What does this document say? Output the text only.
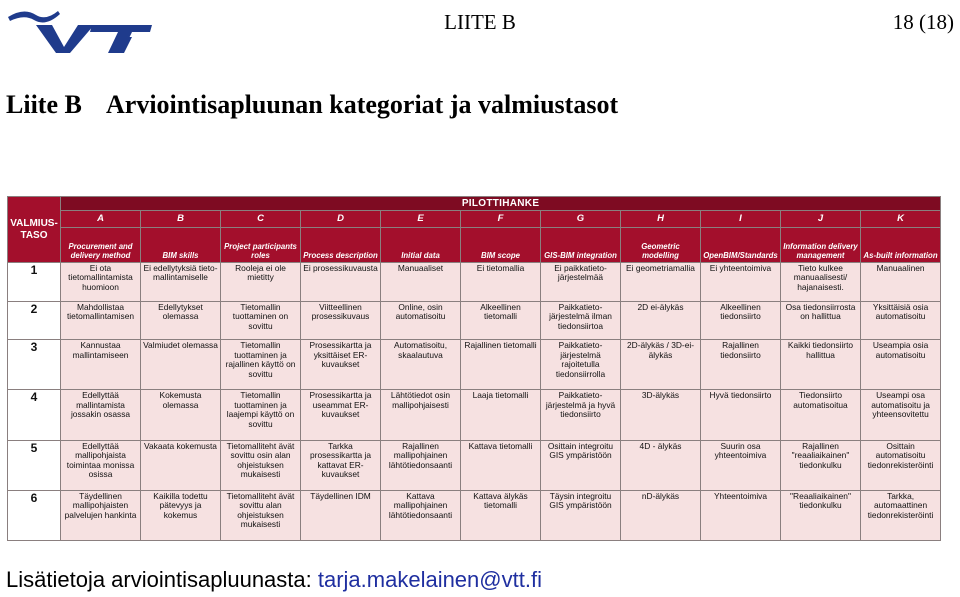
LIITE B	18 (18)
Liite B Arviointisapluunan kategoriat ja valmiustasot
VALMIUS-TASO	PILOTTIHANKE										
	A	B	C	D	E	F	G	H	I	J	K
	Procurement and delivery method	BIM skills	Project participants roles	Process description	Initial data	BIM scope	GIS-BIM integration	Geometric modelling	OpenBIM/Standards	Information delivery management	As-built information
1	Ei ota tietomallintamista huomioon	Ei edellytyksiä tieto-mallintamiselle	Rooleja ei ole mietitty	Ei prosessikuvausta	Manuaaliset	Ei tietomallia	Ei paikkatieto-järjestelmää	Ei geometriamallia	Ei yhteentoimiva	Tieto kulkee manuaalisesti/ hajanaisesti.	Manuaalinen
2	Mahdollistaa tietomallintamisen	Edellytykset olemassa	Tietomallin tuottaminen on sovittu	Viitteellinen prosessikuvaus	Online, osin automatisoitu	Alkeellinen tietomalli	Paikkatieto-järjestelmä ilman tiedonsiirtoa	2D ei-älykäs	Alkeellinen tiedonsiirto	Osa tiedonsiirrosta on hallittua	Yksittäisiä osia automatisoitu
3	Kannustaa mallintamiseen	Valmiudet olemassa	Tietomallin tuottaminen ja rajallinen käyttö on sovittu	Prosessikartta ja yksittäiset ER-kuvaukset	Automatisoitu, skaalautuva	Rajallinen tietomalli	Paikkatieto-järjestelmä rajoitetulla tiedonsiirrolla	2D-älykäs / 3D-ei-älykäs	Rajallinen tiedonsiirto	Kaikki tiedonsiirto hallittua	Useampia osia automatisoitu
4	Edellyttää mallintamista jossakin osassa	Kokemusta olemassa	Tietomallin tuottaminen ja laajempi käyttö on sovittu	Prosessikartta ja useammat ER-kuvaukset	Lähtötiedot osin mallipohjaisesti	Laaja tietomalli	Paikkatieto-järjestelmä ja hyvä tiedonsiirto	3D-älykäs	Hyvä tiedonsiirto	Tiedonsiirto automatisoitua	Useampi osa automatisoitu ja yhteensovitettu
5	Edellyttää mallipohjaista toimintaa monissa osissa	Vakaata kokemusta	Tietomalliteht ävät sovittu osin alan ohjeistuksen mukaisesti	Tarkka prosessikartta ja kattavat ER-kuvaukset	Rajallinen mallipohjainen lähtötiedonsaanti	Kattava tietomalli	Osittain integroitu GIS ympäristöön	4D - älykäs	Suurin osa yhteentoimiva	Rajallinen "reaaliaikainen" tiedonkulku	Osittain automatisoitu tiedonrekisteröinti
6	Täydellinen mallipohjaisten palvelujen hankinta	Kaikilla todettu pätevyys ja kokemus	Tietomalliteht ävät sovittu alan ohjeistuksen mukaisesti	Täydellinen IDM	Kattava mallipohjainen lähtötiedonsaanti	Kattava älykäs tietomalli	Täysin integroitu GIS ympäristöön	nD-älykäs	Yhteentoimiva	"Reaaliaikainen" tiedonkulku	Tarkka, automaattinen tiedonrekisteröinti
Lisätietoja arviointisapluunasta: tarja.makelainen@vtt.fi
